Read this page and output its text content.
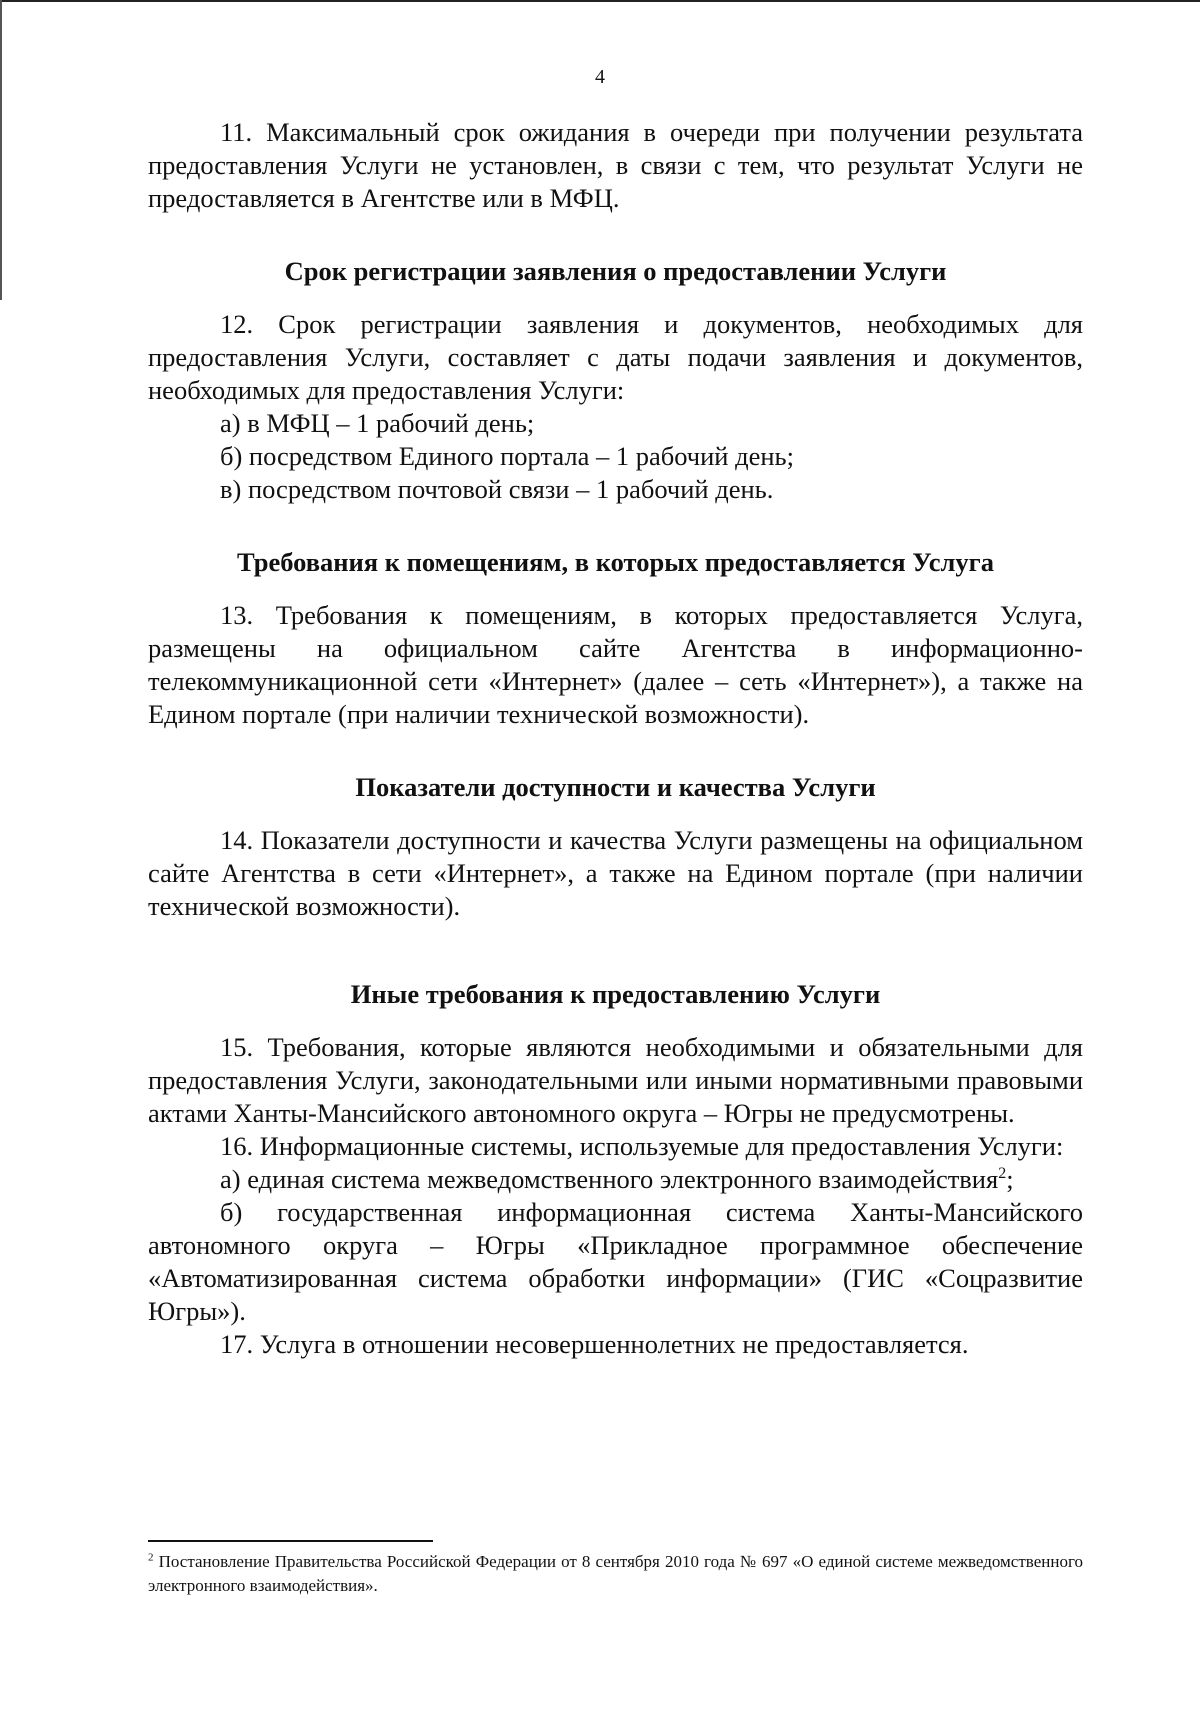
4

11. Максимальный срок ожидания в очереди при получении результата предоставления Услуги не установлен, в связи с тем, что результат Услуги не предоставляется в Агентстве или в МФЦ.

Срок регистрации заявления о предоставлении Услуги

12. Срок регистрации заявления и документов, необходимых для предоставления Услуги, составляет с даты подачи заявления и документов, необходимых для предоставления Услуги:

а) в МФЦ – 1 рабочий день;

б) посредством Единого портала – 1 рабочий день;

в) посредством почтовой связи – 1 рабочий день.

Требования к помещениям, в которых предоставляется Услуга

13. Требования к помещениям, в которых предоставляется Услуга, размещены на официальном сайте Агентства в информационно-телекоммуникационной сети «Интернет» (далее – сеть «Интернет»), а также на Едином портале (при наличии технической возможности).

Показатели доступности и качества Услуги

14. Показатели доступности и качества Услуги размещены на официальном сайте Агентства в сети «Интернет», а также на Едином портале (при наличии технической возможности).

Иные требования к предоставлению Услуги

15. Требования, которые являются необходимыми и обязательными для предоставления Услуги, законодательными или иными нормативными правовыми актами Ханты-Мансийского автономного округа – Югры не предусмотрены.

16. Информационные системы, используемые для предоставления Услуги:

а) единая система межведомственного электронного взаимодействия$^2$;

б) государственная информационная система Ханты-Мансийского автономного округа – Югры «Прикладное программное обеспечение «Автоматизированная система обработки информации» (ГИС «Соцразвитие Югры»).

17. Услуга в отношении несовершеннолетних не предоставляется.

$^2$ Постановление Правительства Российской Федерации от 8 сентября 2010 года № 697 «О единой системе межведомственного электронного взаимодействия».
